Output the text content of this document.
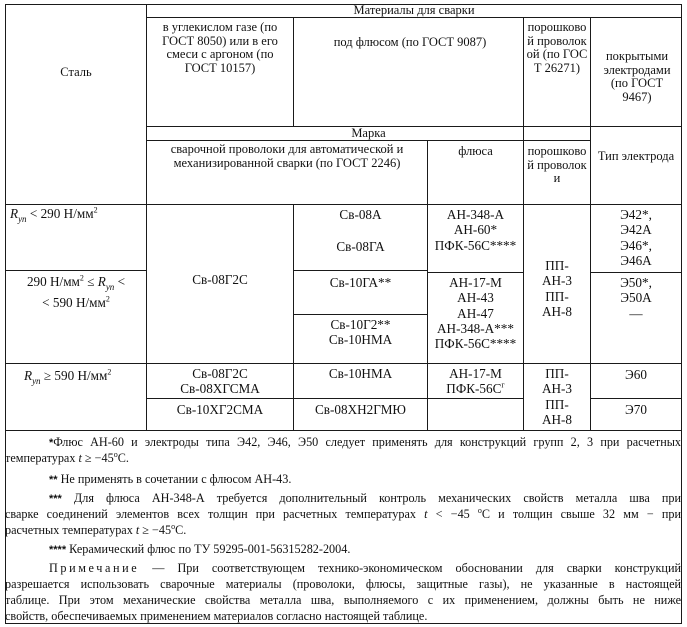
Сталь
Материалы для сварки
в углекислом газе (по ГОСТ 8050) или в его смеси с аргоном (по ГОСТ 10157)
под флюсом (по ГОСТ 9087)
порошковой проволокой (по ГОСТ 26271)
покрытыми электродами (по ГОСТ 9467)
Марка
сварочной проволоки для автоматической и механизированной сварки (по ГОСТ 2246)
флюса	порошковой проволоки
Тип электрода
$R_{yn} < 290$ $Н/мм^2$
290 $Н/мм^2 \le R_{yn}$ <
< 590 $Н/мм^2$
$R_{yn} \ge 590$ $Н/мм^2$
Св-08Г2С
Св-08Г2С
Св-08ХГСМА
Св-10ХГ2СМА
Св-08А
Св-08ГА
Св-10ГА**
Св-10Г2**
Св-10НМА
Св-10НМА
Св-08ХН2ГМЮ
АН-348-А
АН-60*
ПФК-56С****
АН-17-М
АН-43
АН-47
АН-348-А***
ПФК-56С****
АН-17-М
ПФК-$56С^г$
ПП-
АН-3
ПП-
АН-8
ПП-
АН-3
ПП-
АН-8
Э42*,
Э42А
Э46*,
Э46А
Э50*,
Э50А
—
Э60
Э70
*Флюс АН-60 и электроды типа Э42, Э46, Э50 следует применять для конструкций групп 2, 3 при расчетных
температурах $t \ge -45^оС$.
** Не применять в сочетании с флюсом АН-43.
*** Для флюса АН-348-А требуется дополнительный контроль механических свойств металла шва при
сварке соединений элементов всех толщин при расчетных температурах t < −45 $^о$С и толщин свыше 32 мм − при
расчетных температурах $t \ge -45^оС$.
**** Керамический флюс по ТУ 59295-001-56315282-2004.
Примечание — При соответствующем технико-экономическом обосновании для сварки конструкций
разрешается использовать сварочные материалы (проволоки, флюсы, защитные газы), не указанные в настоящей
таблице. При этом механические свойства металла шва, выполняемого с их применением, должны быть не ниже
свойств, обеспечиваемых применением материалов согласно настоящей таблице.
